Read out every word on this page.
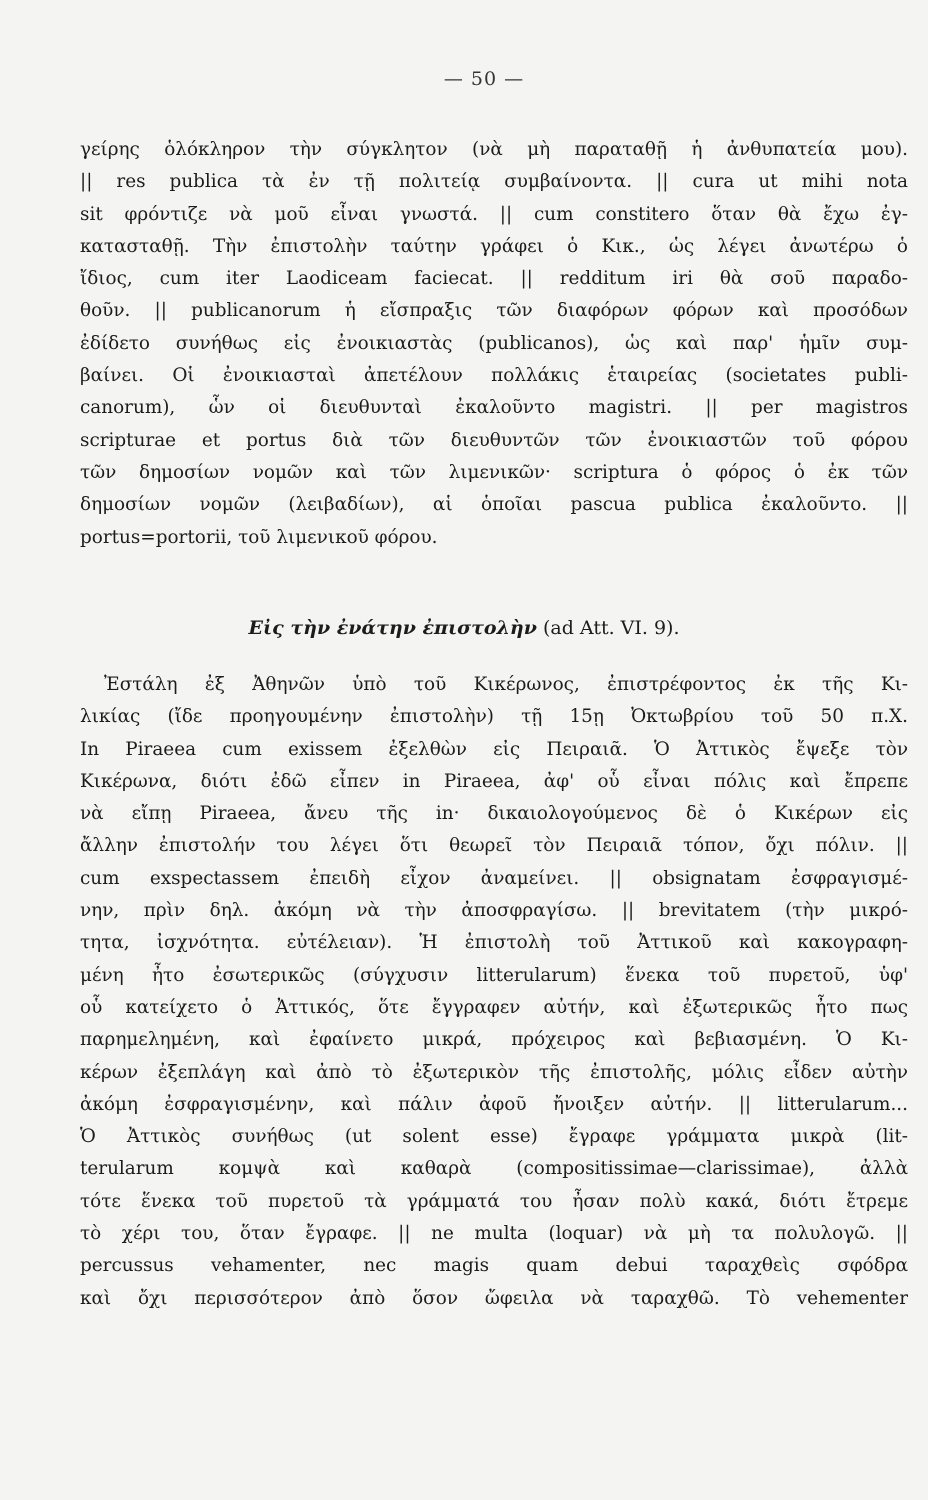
— 50 —
γείρης ὁλόκληρον τὴν σύγκλητον (νὰ μὴ παραταθῇ ἡ ἀνθυπατεία μου).
|| res publica τὰ ἐν τῇ πολιτείᾳ συμβαίνοντα. || cura ut mihi nota
sit φρόντιζε νὰ μοῦ εἶναι γνωστά. || cum constitero ὅταν θὰ ἔχω ἐγ-
κατασταθῇ. Τὴν ἐπιστολὴν ταύτην γράφει ὁ Κικ., ὡς λέγει ἀνωτέρω ὁ
ἴδιος, cum iter Laodiceam faciecat. || redditum iri θὰ σοῦ παραδο-
θοῦν. || publicanorum ἡ εἴσπραξις τῶν διαφόρων φόρων καὶ προσόδων
ἐδίδετο συνήθως εἰς ἐνοικιαστὰς (publicanos), ὡς καὶ παρ' ἡμῖν συμ-
βαίνει. Οἱ ἐνοικιασταὶ ἀπετέλουν πολλάκις ἑταιρείας (societates publi-
canorum), ὧν οἱ διευθυνταὶ ἐκαλοῦντο magistri. || per magistros
scripturae et portus διὰ τῶν διευθυντῶν τῶν ἐνοικιαστῶν τοῦ φόρου
τῶν δημοσίων νομῶν καὶ τῶν λιμενικῶν· scriptura ὁ φόρος ὁ ἐκ τῶν
δημοσίων νομῶν (λειβαδίων), αἱ ὁποῖαι pascua publica ἐκαλοῦντο. ||
portus=portorii, τοῦ λιμενικοῦ φόρου.
Εἰς τὴν ἐνάτην ἐπιστολὴν (ad Att. VI. 9).
Ἐστάλη ἐξ Ἀθηνῶν ὑπὸ τοῦ Κικέρωνος, ἐπιστρέφοντος ἐκ τῆς Κι-
λικίας (ἴδε προηγουμένην ἐπιστολὴν) τῇ 15ῃ Ὀκτωβρίου τοῦ 50 π.Χ.
In Piraeea cum exissem ἐξελθὼν εἰς Πειραιᾶ. Ὁ Ἀττικὸς ἔψεξε τὸν
Κικέρωνα, διότι ἐδῶ εἶπεν in Piraeea, ἀφ' οὗ εἶναι πόλις καὶ ἔπρεπε
νὰ εἴπῃ Piraeea, ἄνευ τῆς in· δικαιολογούμενος δὲ ὁ Κικέρων εἰς
ἄλλην ἐπιστολήν του λέγει ὅτι θεωρεῖ τὸν Πειραιᾶ τόπον, ὄχι πόλιν. ||
cum exspectassem ἐπειδὴ εἶχον ἀναμείνει. || obsignatam ἐσφραγισμέ-
νην, πρὶν δηλ. ἀκόμη νὰ τὴν ἀποσφραγίσω. || brevitatem (τὴν μικρό-
τητα, ἰσχνότητα. εὐτέλειαν). Ἡ ἐπιστολὴ τοῦ Ἀττικοῦ καὶ κακογραφη-
μένη ἦτο ἐσωτερικῶς (σύγχυσιν litterularum) ἕνεκα τοῦ πυρετοῦ, ὑφ'
οὗ κατείχετο ὁ Ἀττικός, ὅτε ἔγγραφεν αὐτήν, καὶ ἐξωτερικῶς ἦτο πως
παρημελημένη, καὶ ἐφαίνετο μικρά, πρόχειρος καὶ βεβιασμένη. Ὁ Κι-
κέρων ἐξεπλάγη καὶ ἀπὸ τὸ ἐξωτερικὸν τῆς ἐπιστολῆς, μόλις εἶδεν αὐτὴν
ἀκόμη ἐσφραγισμένην, καὶ πάλιν ἀφοῦ ἤνοιξεν αὐτήν. || litterularum...
Ὁ Ἀττικὸς συνήθως (ut solent esse) ἔγραφε γράμματα μικρὰ (lit-
terularum κομψὰ καὶ καθαρὰ (compositissimae—clarissimae), ἀλλὰ
τότε ἕνεκα τοῦ πυρετοῦ τὰ γράμματά του ἦσαν πολὺ κακά, διότι ἔτρεμε
τὸ χέρι του, ὅταν ἔγραφε. || ne multa (loquar) νὰ μὴ τα πολυλογῶ. ||
percussus vehamenter, nec magis quam debui ταραχθεὶς σφόδρα
καὶ ὄχι περισσότερον ἀπὸ ὅσον ὤφειλα νὰ ταραχθῶ. Τὸ vehementer
